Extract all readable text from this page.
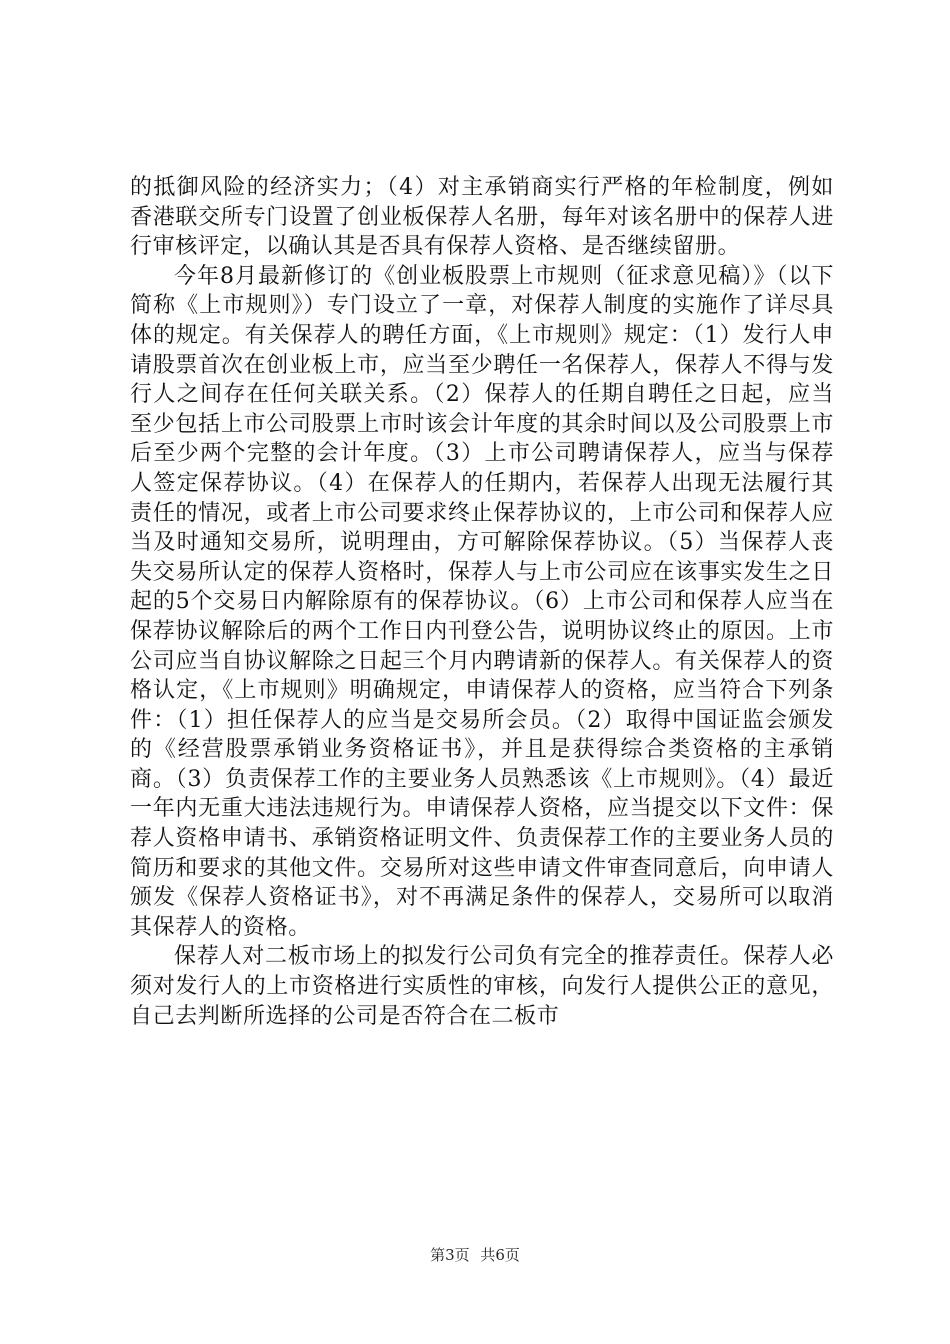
的抵御风险的经济实力；（4）对主承销商实行严格的年检制度，例如香港联交所专门设置了创业板保荐人名册，每年对该名册中的保荐人进行审核评定，以确认其是否具有保荐人资格、是否继续留册。

今年8月最新修订的《创业板股票上市规则（征求意见稿）》（以下简称《上市规则》）专门设立了一章，对保荐人制度的实施作了详尽具体的规定。有关保荐人的聘任方面，《上市规则》规定：（1）发行人申请股票首次在创业板上市，应当至少聘任一名保荐人，保荐人不得与发行人之间存在任何关联关系。（2）保荐人的任期自聘任之日起，应当至少包括上市公司股票上市时该会计年度的其余时间以及公司股票上市后至少两个完整的会计年度。（3）上市公司聘请保荐人，应当与保荐人签定保荐协议。（4）在保荐人的任期内，若保荐人出现无法履行其责任的情况，或者上市公司要求终止保荐协议的，上市公司和保荐人应当及时通知交易所，说明理由，方可解除保荐协议。（5）当保荐人丧失交易所认定的保荐人资格时，保荐人与上市公司应在该事实发生之日起的5个交易日内解除原有的保荐协议。（6）上市公司和保荐人应当在保荐协议解除后的两个工作日内刊登公告，说明协议终止的原因。上市公司应当自协议解除之日起三个月内聘请新的保荐人。有关保荐人的资格认定，《上市规则》明确规定，申请保荐人的资格，应当符合下列条件：（1）担任保荐人的应当是交易所会员。（2）取得中国证监会颁发的《经营股票承销业务资格证书》，并且是获得综合类资格的主承销商。（3）负责保荐工作的主要业务人员熟悉该《上市规则》。（4）最近一年内无重大违法违规行为。申请保荐人资格，应当提交以下文件：保荐人资格申请书、承销资格证明文件、负责保荐工作的主要业务人员的简历和要求的其他文件。交易所对这些申请文件审查同意后，向申请人颁发《保荐人资格证书》，对不再满足条件的保荐人，交易所可以取消其保荐人的资格。

保荐人对二板市场上的拟发行公司负有完全的推荐责任。保荐人必须对发行人的上市资格进行实质性的审核，向发行人提供公正的意见，自己去判断所选择的公司是否符合在二板市

第3页 共6页
